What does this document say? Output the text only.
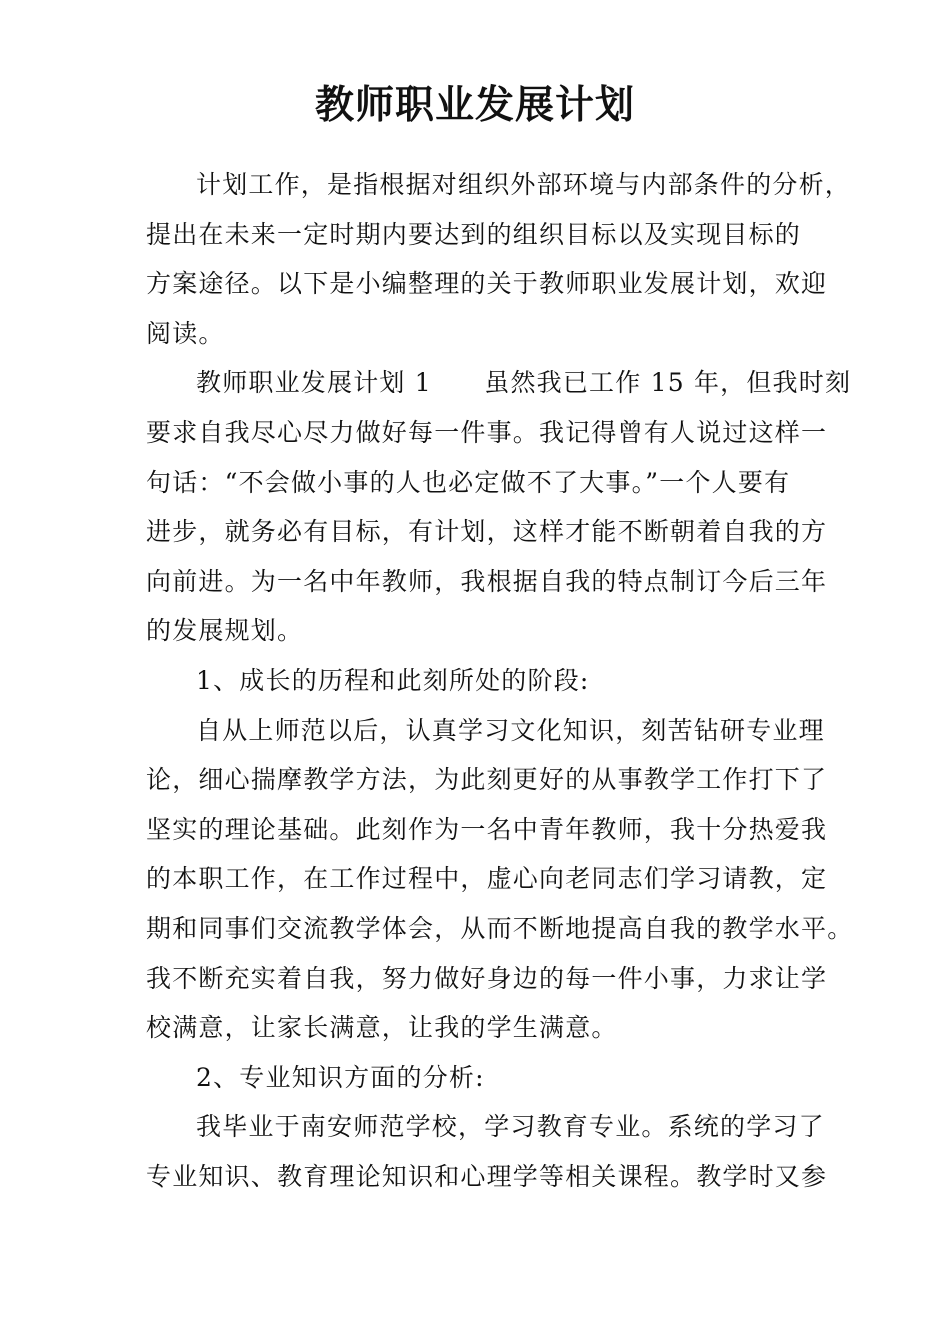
教师职业发展计划
计划工作，是指根据对组织外部环境与内部条件的分析，
提出在未来一定时期内要达到的组织目标以及实现目标的
方案途径。以下是小编整理的关于教师职业发展计划，欢迎
阅读。
教师职业发展计划 1　　虽然我已工作 15 年，但我时刻
要求自我尽心尽力做好每一件事。我记得曾有人说过这样一
句话：“不会做小事的人也必定做不了大事。”一个人要有
进步，就务必有目标，有计划，这样才能不断朝着自我的方
向前进。为一名中年教师，我根据自我的特点制订今后三年
的发展规划。
1、成长的历程和此刻所处的阶段:
自从上师范以后，认真学习文化知识，刻苦钻研专业理
论，细心揣摩教学方法，为此刻更好的从事教学工作打下了
坚实的理论基础。此刻作为一名中青年教师，我十分热爱我
的本职工作，在工作过程中，虚心向老同志们学习请教，定
期和同事们交流教学体会，从而不断地提高自我的教学水平。
我不断充实着自我，努力做好身边的每一件小事，力求让学
校满意，让家长满意，让我的学生满意。
2、专业知识方面的分析:
我毕业于南安师范学校，学习教育专业。系统的学习了
专业知识、教育理论知识和心理学等相关课程。教学时又参
